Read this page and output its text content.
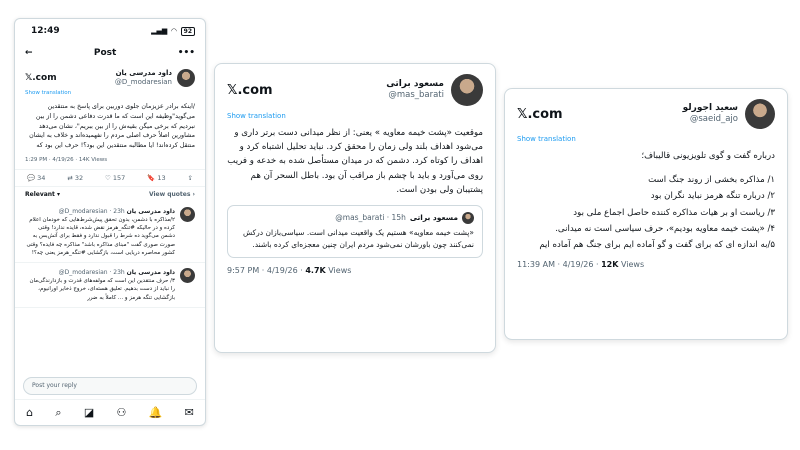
12:49	▂▄▆ ◠	92
←	Post	•••
𝕏.com
داود مدرسی یان
@D_modaresian
Show translation
/اینکه برادر عزیزمان جلوی دوربین برای پاسخ به منتقدین می‌گوید"وظیفه این است که ما قدرت دفاعی دشمن را از بین نبردیم که برخی میگن بقیه‌ش را از بین ببریم"، نشان می‌دهد مشاورین اصلاً حرف اصلی مردم را نفهمیده‌اند و خلاف به ایشان منتقل کرده‌اند! ایا مطالبه منتقدین این بود؟! حرف این بود که
1:29 PM · 4/19/26 · 14K Views
💬 34	⇄ 32	♡ 157	🔖 13	⇪
Relevant ▾	View quotes ›
داود مدرسی یان @D_modaresian · 23h
۲/مذاکره با دشمن، بدون تحقق پیش‌شرط‌هایی که خودمان اعلام کرده و در حالیکه #تنگه_هرمز نقض شده، قایده ندارد! وقتی دشمن می‌گوید ده شرط را قبول ندارد و فقط برای آتش‌بس به صورت صوری گفت "مبنای مذاکره باشد" مذاکره چه فایده؟ وقتی کشور محاصره دریایی است، بازگشایی #تنگه_هرمز یعنی چه؟!
داود مدرسی یان @D_modaresian · 23h
۳/ حرف منتقدین این است که مولفه‌های قدرت و بازدارندگی‌مان را نباید از دست بدهیم. تعلیق هسته‌ای، خروج ذخایر اورانیوم، بازگشایی تنگه هرمز و ... کاملاً به ضرر
Post your reply
⌂ ⌕ ◪ ⚇ 🔔 ✉
𝕏.com	مسعود براتی
@mas_barati
Show translation
موقعیت «پشت خیمه معاویه » یعنی: از نظر میدانی دست برتر داری و می‌شود اهداف بلند ولی زمان را محقق کرد. نباید تحلیل اشتباه کرد و اهداف را کوتاه کرد. دشمن که در میدان مستأصل شده به خدعه و فریب روی می‌آورد و باید با چشم باز مراقب آن بود. باطل السحر آن هم پشتیبان ولی بودن است.
مسعود براتی
@mas_barati · 15h
«پشت خیمه معاویه» هستیم یک واقعیت میدانی است. سیاسی‌بازان درکش نمی‌کنند چون باورشان نمی‌شود مردم ایران چنین معجزه‌ای کرده باشند.
9:57 PM · 4/19/26 · 4.7K Views
𝕏.com	سعید اجورلو
@saeid_ajo
Show translation
درباره گفت و گوی تلویزیونی قالیباف؛
۱/ مذاکره بخشی از روند جنگ است
۲/ درباره تنگه هرمز نباید نگران بود
۳/ ریاست او بر هیات مذاکره کننده حاصل اجماع ملی بود
۴/ «پشت خیمه معاویه بودیم»، حرف سیاسی است نه میدانی.
۵/به اندازه ای که برای گفت و گو آماده ایم برای جنگ هم آماده ایم
11:39 AM · 4/19/26 · 12K Views
